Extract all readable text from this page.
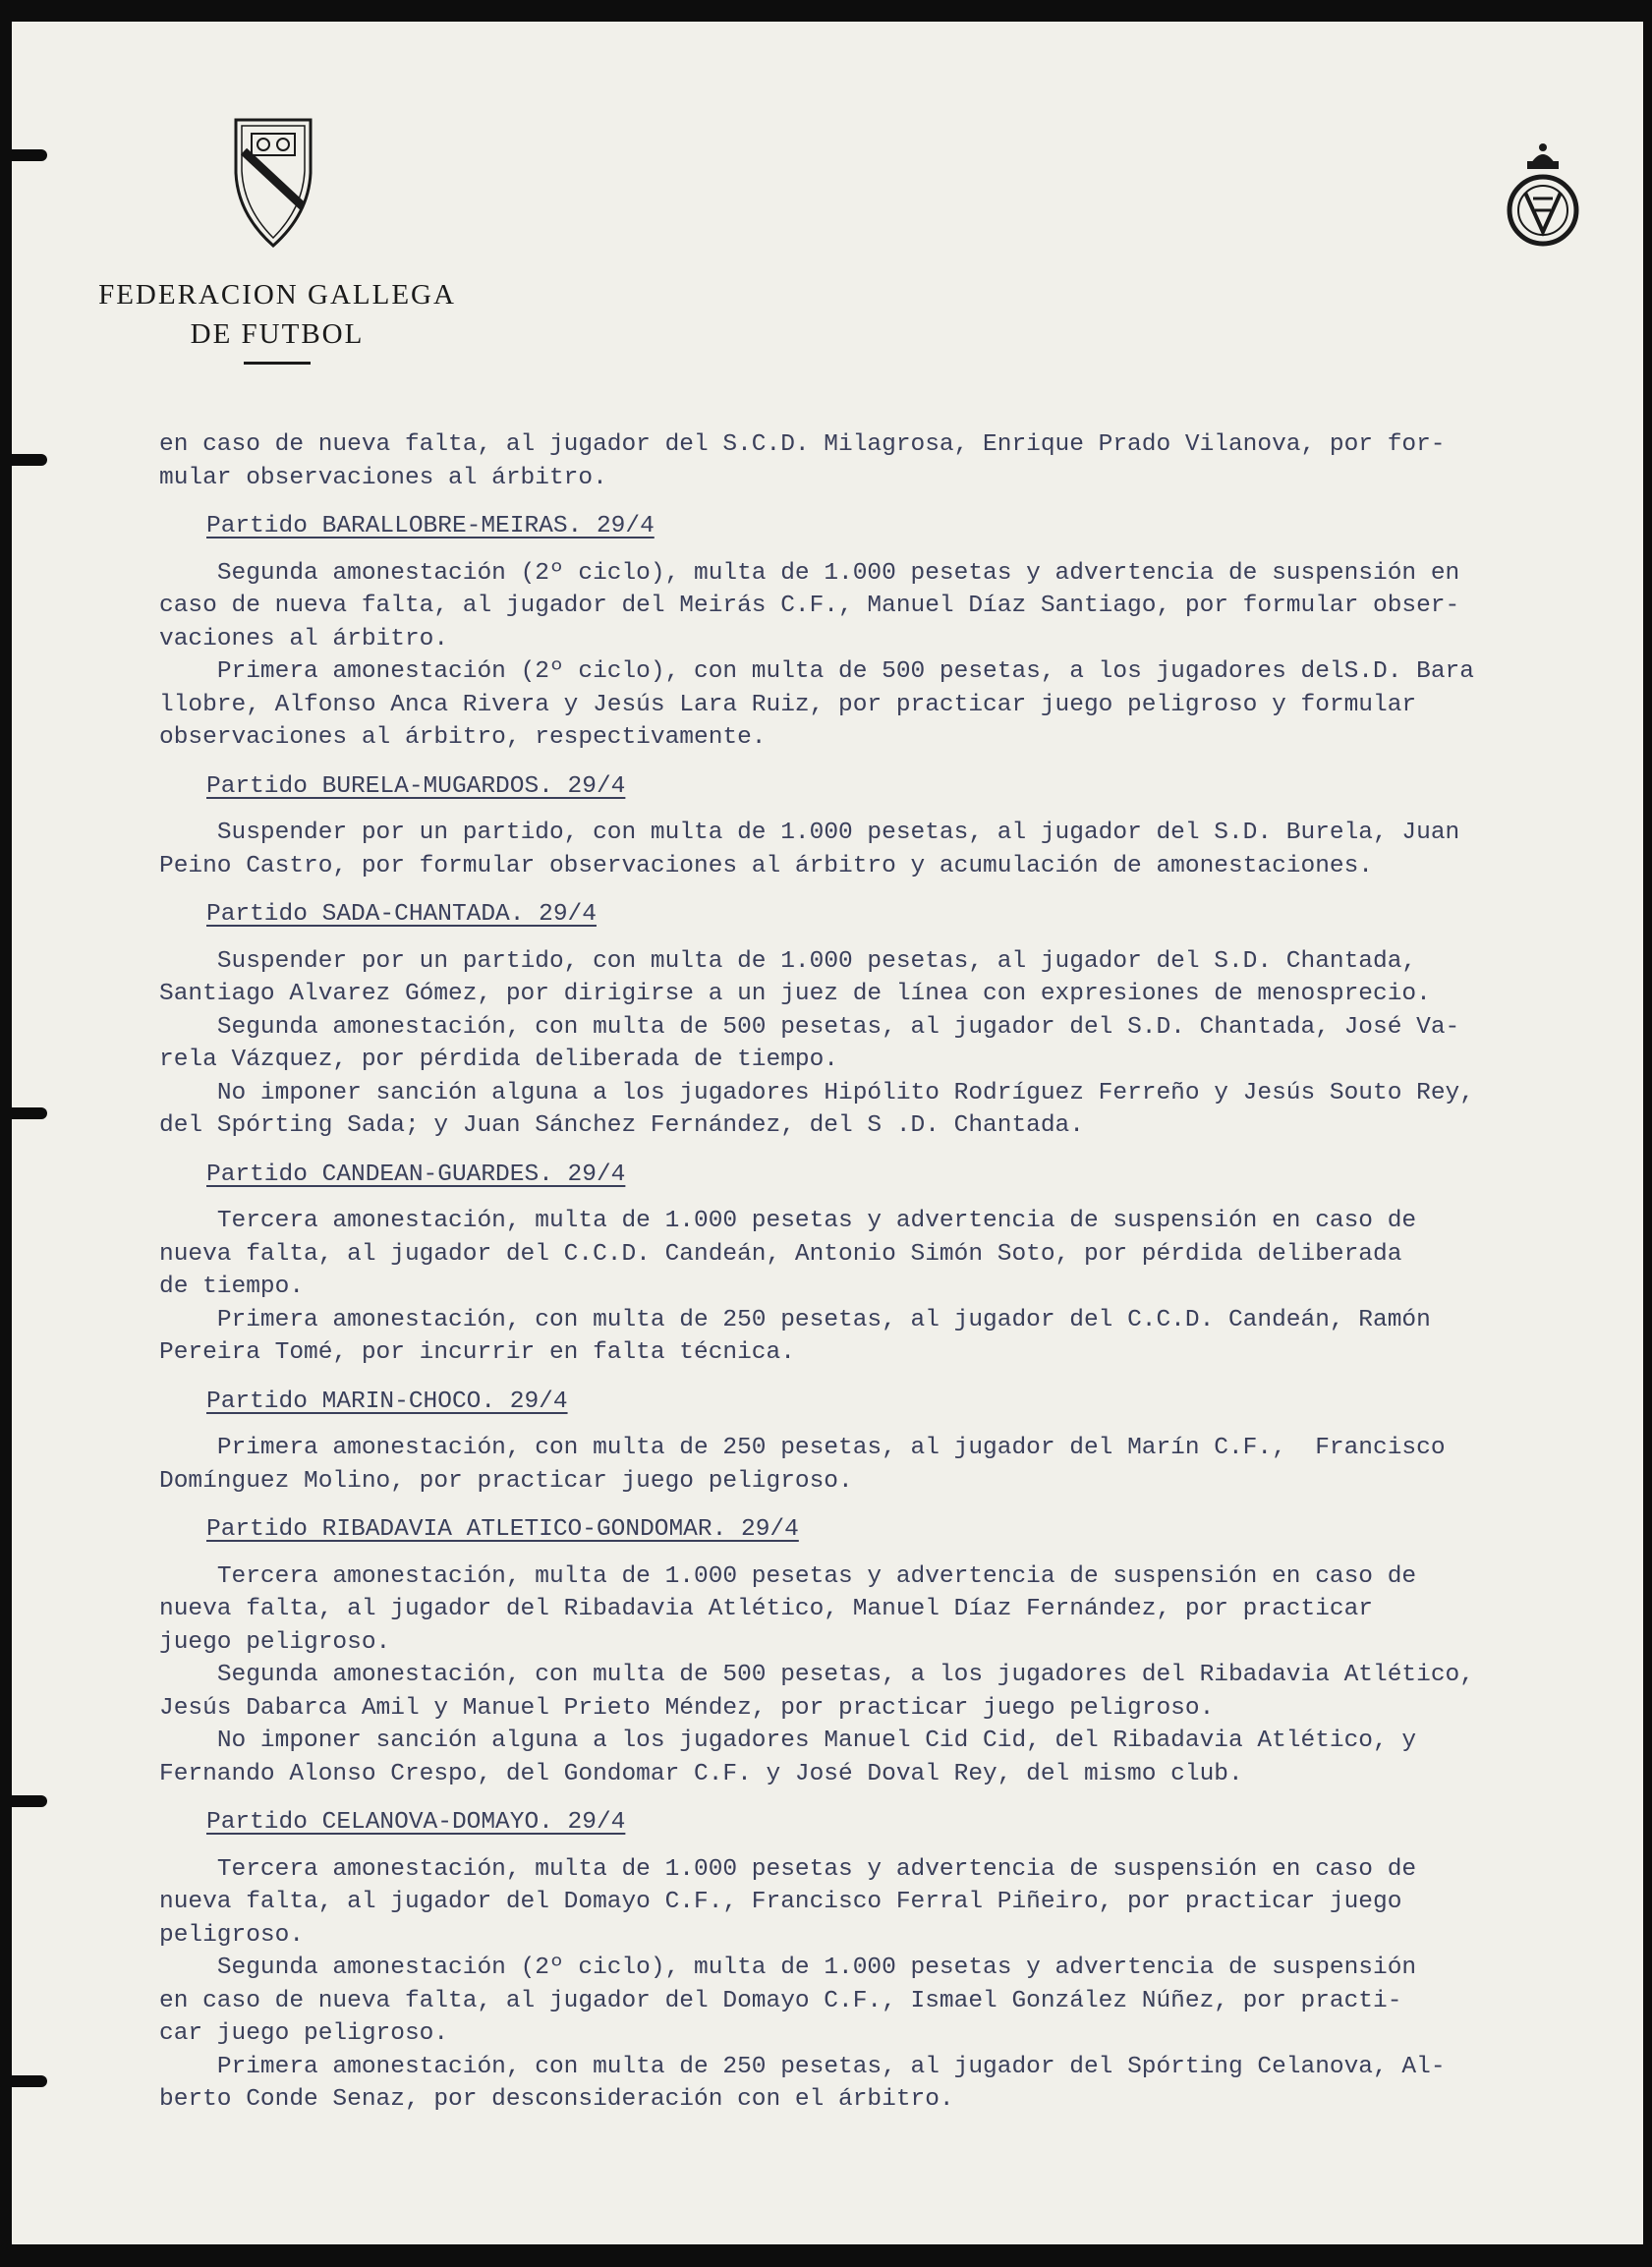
FEDERACION GALLEGA
DE FUTBOL

en caso de nueva falta, al jugador del S.C.D. Milagrosa, Enrique Prado Vilanova, por for-
mular observaciones al árbitro.

Partido BARALLOBRE-MEIRAS. 29/4

Segunda amonestación (2º ciclo), multa de 1.000 pesetas y advertencia de suspensión en
caso de nueva falta, al jugador del Meirás C.F., Manuel Díaz Santiago, por formular obser-
vaciones al árbitro.

Primera amonestación (2º ciclo), con multa de 500 pesetas, a los jugadores delS.D. Bara
llobre, Alfonso Anca Rivera y Jesús Lara Ruiz, por practicar juego peligroso y formular
observaciones al árbitro, respectivamente.

Partido BURELA-MUGARDOS. 29/4

Suspender por un partido, con multa de 1.000 pesetas, al jugador del S.D. Burela, Juan
Peino Castro, por formular observaciones al árbitro y acumulación de amonestaciones.

Partido SADA-CHANTADA. 29/4

Suspender por un partido, con multa de 1.000 pesetas, al jugador del S.D. Chantada,
Santiago Alvarez Gómez, por dirigirse a un juez de línea con expresiones de menosprecio.

Segunda amonestación, con multa de 500 pesetas, al jugador del S.D. Chantada, José Va-
rela Vázquez, por pérdida deliberada de tiempo.

No imponer sanción alguna a los jugadores Hipólito Rodríguez Ferreño y Jesús Souto Rey,
del Spórting Sada; y Juan Sánchez Fernández, del S .D. Chantada.

Partido CANDEAN-GUARDES. 29/4

Tercera amonestación, multa de 1.000 pesetas y advertencia de suspensión en caso de
nueva falta, al jugador del C.C.D. Candeán, Antonio Simón Soto, por pérdida deliberada
de tiempo.

Primera amonestación, con multa de 250 pesetas, al jugador del C.C.D. Candeán, Ramón
Pereira Tomé, por incurrir en falta técnica.

Partido MARIN-CHOCO. 29/4

Primera amonestación, con multa de 250 pesetas, al jugador del Marín C.F.,  Francisco
Domínguez Molino, por practicar juego peligroso.

Partido RIBADAVIA ATLETICO-GONDOMAR. 29/4

Tercera amonestación, multa de 1.000 pesetas y advertencia de suspensión en caso de
nueva falta, al jugador del Ribadavia Atlético, Manuel Díaz Fernández, por practicar
juego peligroso.

Segunda amonestación, con multa de 500 pesetas, a los jugadores del Ribadavia Atlético,
Jesús Dabarca Amil y Manuel Prieto Méndez, por practicar juego peligroso.

No imponer sanción alguna a los jugadores Manuel Cid Cid, del Ribadavia Atlético, y
Fernando Alonso Crespo, del Gondomar C.F. y José Doval Rey, del mismo club.

Partido CELANOVA-DOMAYO. 29/4

Tercera amonestación, multa de 1.000 pesetas y advertencia de suspensión en caso de
nueva falta, al jugador del Domayo C.F., Francisco Ferral Piñeiro, por practicar juego
peligroso.

Segunda amonestación (2º ciclo), multa de 1.000 pesetas y advertencia de suspensión
en caso de nueva falta, al jugador del Domayo C.F., Ismael González Núñez, por practi-
car juego peligroso.

Primera amonestación, con multa de 250 pesetas, al jugador del Spórting Celanova, Al-
berto Conde Senaz, por desconsideración con el árbitro.
